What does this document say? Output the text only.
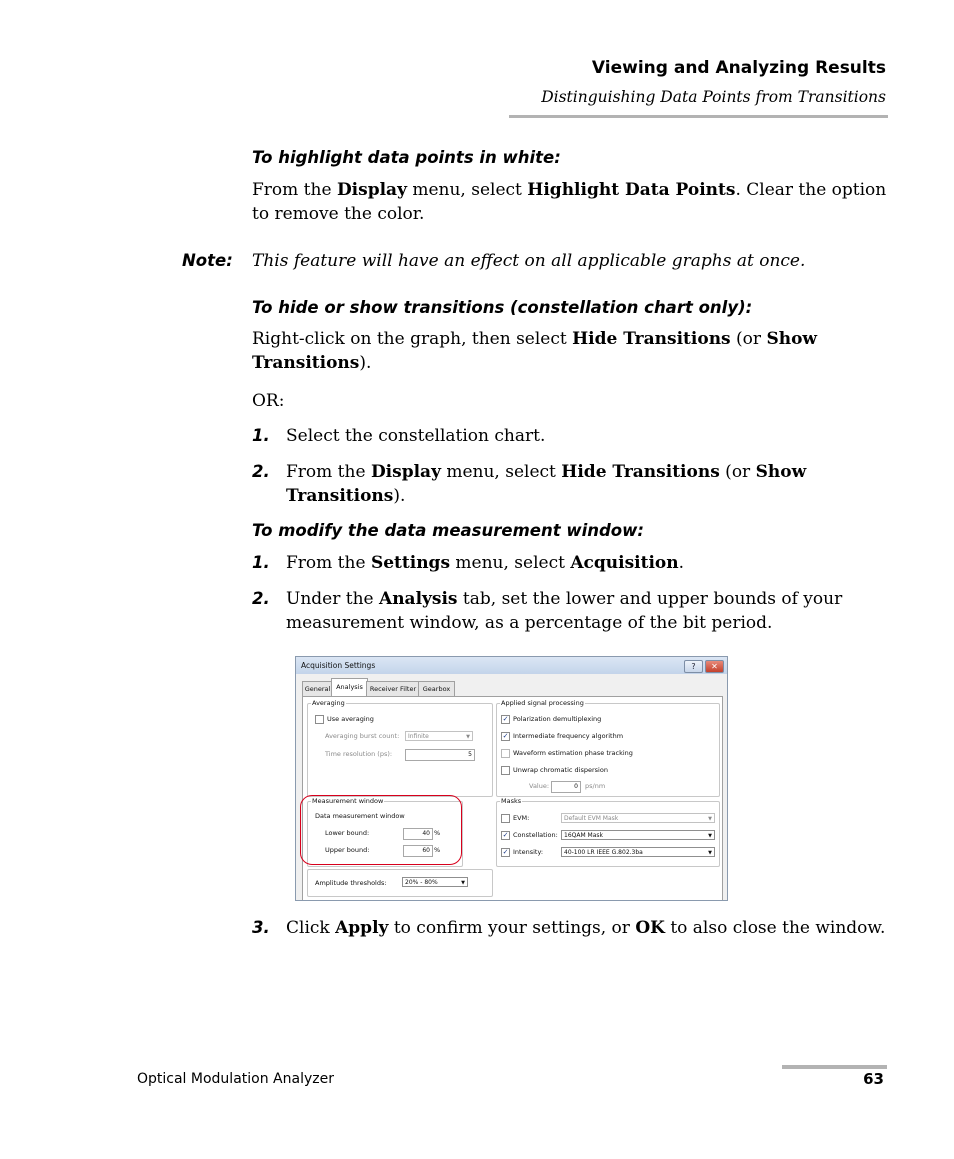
Viewing and Analyzing Results
Distinguishing Data Points from Transitions
To highlight data points in white:
From the Display menu, select Highlight Data Points. Clear the option to remove the color.
Note: This feature will have an effect on all applicable graphs at once.
To hide or show transitions (constellation chart only):
Right-click on the graph, then select Hide Transitions (or Show Transitions).
OR:
1. Select the constellation chart.
2. From the Display menu, select Hide Transitions (or Show Transitions).
To modify the data measurement window:
1. From the Settings menu, select Acquisition.
2. Under the Analysis tab, set the lower and upper bounds of your measurement window, as a percentage of the bit period.
Acquisition Settings	?	✕
General Analysis	Receiver Filter	Gearbox
Averaging
Use averaging
Averaging burst count:	Infinite	▼
Time resolution (ps):	5
Applied signal processing
✓ Polarization demultiplexing
✓ Intermediate frequency algorithm
Waveform estimation phase tracking
Unwrap chromatic dispersion
Value:	0	ps/nm
Measurement window
Data measurement window
Lower bound:	40 %
Upper bound:	60 %
Masks
EVM:	Default EVM Mask	▼
✓ Constellation:	16QAM Mask	▼
✓ Intensity:	40-100 LR IEEE G.802.3ba	▼
Amplitude thresholds:	20% - 80%	▼
3. Click Apply to confirm your settings, or OK to also close the window.
Optical Modulation Analyzer	63
